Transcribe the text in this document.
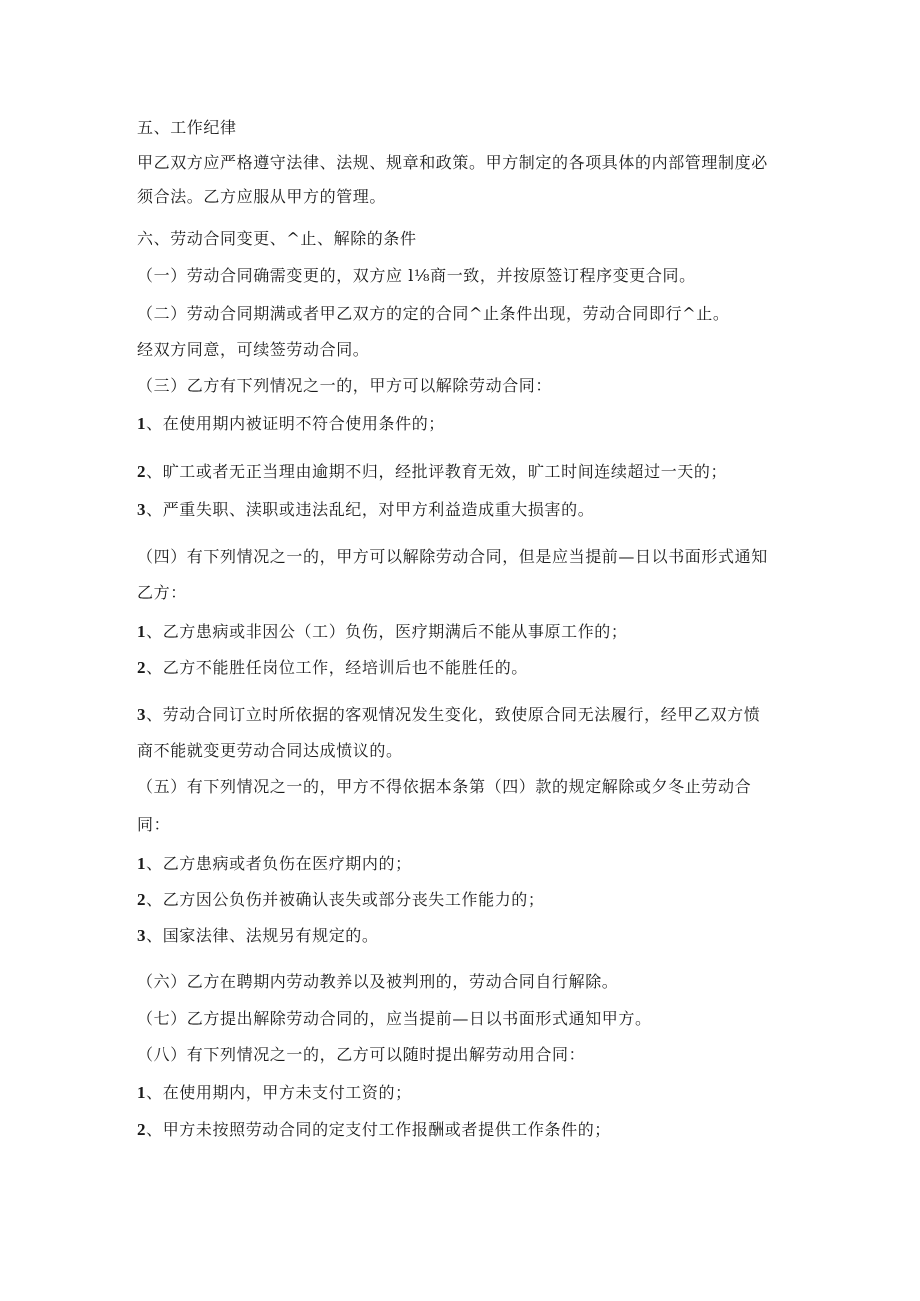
五、工作纪律
甲乙双方应严格遵守法律、法规、规章和政策。甲方制定的各项具体的内部管理制度必
须合法。乙方应服从甲方的管理。
六、劳动合同变更、^止、解除的条件
（一）劳动合同确需变更的，双方应 l⅛商一致，并按原签订程序变更合同。
（二）劳动合同期满或者甲乙双方的定的合同^止条件出现，劳动合同即行^止。
经双方同意，可续签劳动合同。
（三）乙方有下列情况之一的，甲方可以解除劳动合同：
1、在使用期内被证明不符合使用条件的；
2、旷工或者无正当理由逾期不归，经批评教育无效，旷工时间连续超过一天的；
3、严重失职、渎职或违法乱纪，对甲方利益造成重大损害的。
（四）有下列情况之一的，甲方可以解除劳动合同，但是应当提前—日以书面形式通知
乙方：
1、乙方患病或非因公（工）负伤，医疗期满后不能从事原工作的；
2、乙方不能胜任岗位工作，经培训后也不能胜任的。
3、劳动合同订立时所依据的客观情况发生变化，致使原合同无法履行，经甲乙双方愤
商不能就变更劳动合同达成愤议的。
（五）有下列情况之一的，甲方不得依据本条第（四）款的规定解除或夕冬止劳动合
同：
1、乙方患病或者负伤在医疗期内的；
2、乙方因公负伤并被确认丧失或部分丧失工作能力的；
3、国家法律、法规另有规定的。
（六）乙方在聘期内劳动教养以及被判刑的，劳动合同自行解除。
（七）乙方提出解除劳动合同的，应当提前—日以书面形式通知甲方。
（八）有下列情况之一的，乙方可以随时提出解劳动用合同：
1、在使用期内，甲方未支付工资的；
2、甲方未按照劳动合同的定支付工作报酬或者提供工作条件的；
